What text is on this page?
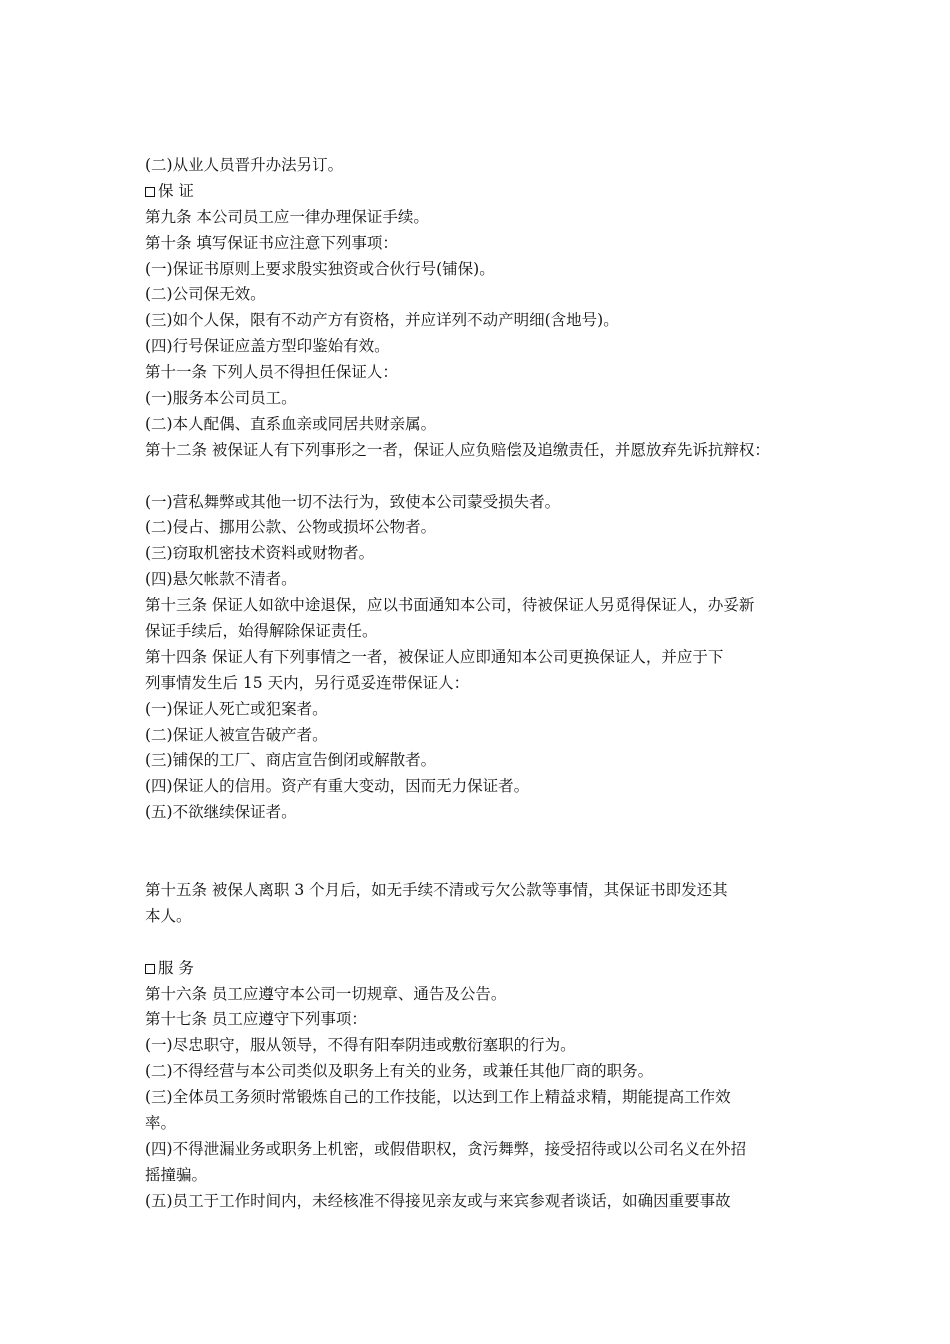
(二)从业人员晋升办法另订。
保 证
第九条 本公司员工应一律办理保证手续。
第十条 填写保证书应注意下列事项：
(一)保证书原则上要求殷实独资或合伙行号(铺保)。
(二)公司保无效。
(三)如个人保，限有不动产方有资格，并应详列不动产明细(含地号)。
(四)行号保证应盖方型印鉴始有效。
第十一条 下列人员不得担任保证人：
(一)服务本公司员工。
(二)本人配偶、直系血亲或同居共财亲属。
第十二条 被保证人有下列事形之一者，保证人应负赔偿及追缴责任，并愿放弃先诉抗辩权：
(一)营私舞弊或其他一切不法行为，致使本公司蒙受损失者。
(二)侵占、挪用公款、公物或损坏公物者。
(三)窃取机密技术资料或财物者。
(四)悬欠帐款不清者。
第十三条 保证人如欲中途退保，应以书面通知本公司，待被保证人另觅得保证人，办妥新
保证手续后，始得解除保证责任。
第十四条 保证人有下列事情之一者，被保证人应即通知本公司更换保证人，并应于下
列事情发生后 15 天内，另行觅妥连带保证人：
(一)保证人死亡或犯案者。
(二)保证人被宣告破产者。
(三)铺保的工厂、商店宣告倒闭或解散者。
(四)保证人的信用。资产有重大变动，因而无力保证者。
(五)不欲继续保证者。
第十五条 被保人离职 3 个月后，如无手续不清或亏欠公款等事情，其保证书即发还其
本人。
服 务
第十六条 员工应遵守本公司一切规章、通告及公告。
第十七条 员工应遵守下列事项：
(一)尽忠职守，服从领导，不得有阳奉阴违或敷衍塞职的行为。
(二)不得经营与本公司类似及职务上有关的业务，或兼任其他厂商的职务。
(三)全体员工务须时常锻炼自己的工作技能，以达到工作上精益求精，期能提高工作效
率。
(四)不得泄漏业务或职务上机密，或假借职权，贪污舞弊，接受招待或以公司名义在外招
摇撞骗。
(五)员工于工作时间内，未经核准不得接见亲友或与来宾参观者谈话，如确因重要事故
